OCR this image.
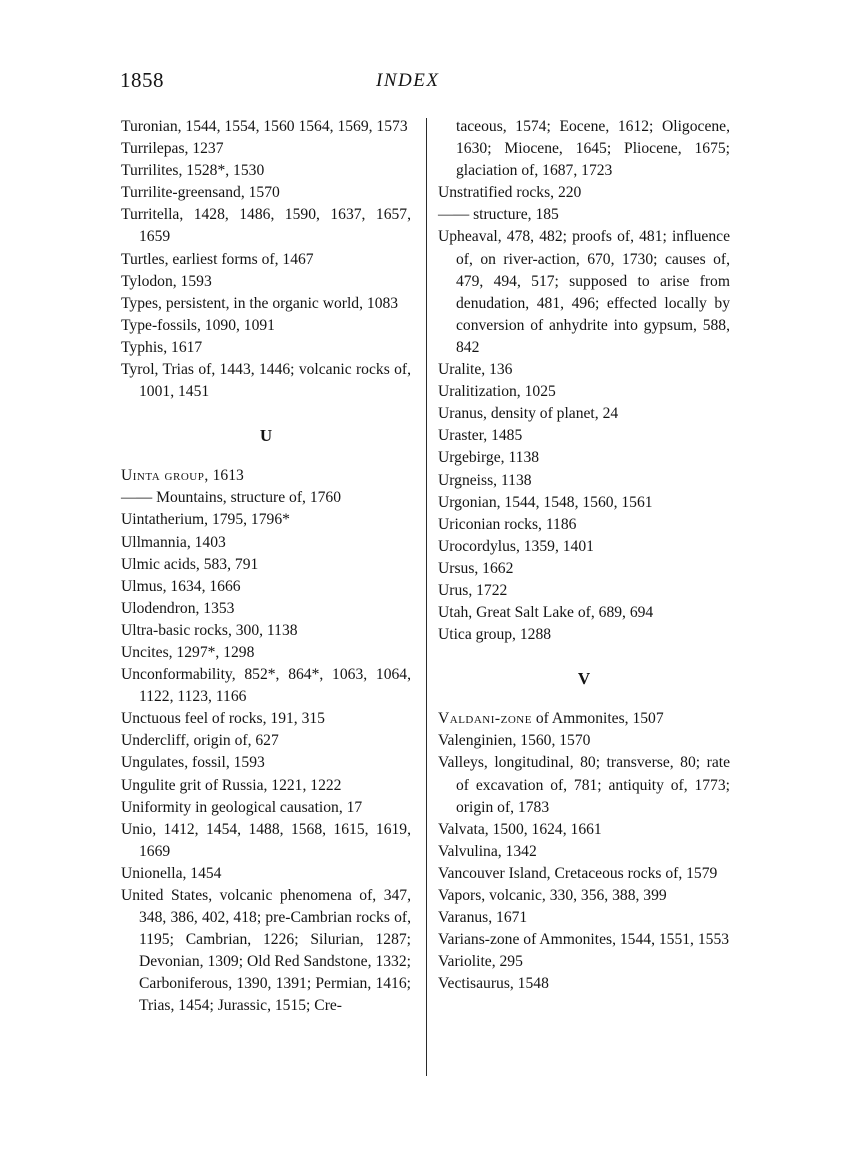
1858	INDEX

Turonian, 1544, 1554, 1560 1564, 1569, 1573

Turrilepas, 1237

Turrilites, 1528*, 1530

Turrilite-greensand, 1570

Turritella, 1428, 1486, 1590, 1637, 1657, 1659

Turtles, earliest forms of, 1467

Tylodon, 1593

Types, persistent, in the organic world, 1083

Type-fossils, 1090, 1091

Typhis, 1617

Tyrol, Trias of, 1443, 1446; volcanic rocks of, 1001, 1451

U

Uinta group, 1613

—— Mountains, structure of, 1760

Uintatherium, 1795, 1796*

Ullmannia, 1403

Ulmic acids, 583, 791

Ulmus, 1634, 1666

Ulodendron, 1353

Ultra-basic rocks, 300, 1138

Uncites, 1297*, 1298

Unconformability, 852*, 864*, 1063, 1064, 1122, 1123, 1166

Unctuous feel of rocks, 191, 315

Undercliff, origin of, 627

Ungulates, fossil, 1593

Ungulite grit of Russia, 1221, 1222

Uniformity in geological causation, 17

Unio, 1412, 1454, 1488, 1568, 1615, 1619, 1669

Unionella, 1454

United States, volcanic phenomena of, 347, 348, 386, 402, 418; pre-Cambrian rocks of, 1195; Cambrian, 1226; Silurian, 1287; Devonian, 1309; Old Red Sandstone, 1332; Carboniferous, 1390, 1391; Permian, 1416; Trias, 1454; Jurassic, 1515; Cre-

taceous, 1574; Eocene, 1612; Oligocene, 1630; Miocene, 1645; Pliocene, 1675; glaciation of, 1687, 1723

Unstratified rocks, 220

—— structure, 185

Upheaval, 478, 482; proofs of, 481; influence of, on river-action, 670, 1730; causes of, 479, 494, 517; supposed to arise from denudation, 481, 496; effected locally by conversion of anhydrite into gypsum, 588, 842

Uralite, 136

Uralitization, 1025

Uranus, density of planet, 24

Uraster, 1485

Urgebirge, 1138

Urgneiss, 1138

Urgonian, 1544, 1548, 1560, 1561

Uriconian rocks, 1186

Urocordylus, 1359, 1401

Ursus, 1662

Urus, 1722

Utah, Great Salt Lake of, 689, 694

Utica group, 1288

V

Valdani-zone of Ammonites, 1507

Valenginien, 1560, 1570

Valleys, longitudinal, 80; transverse, 80; rate of excavation of, 781; antiquity of, 1773; origin of, 1783

Valvata, 1500, 1624, 1661

Valvulina, 1342

Vancouver Island, Cretaceous rocks of, 1579

Vapors, volcanic, 330, 356, 388, 399

Varanus, 1671

Varians-zone of Ammonites, 1544, 1551, 1553

Variolite, 295

Vectisaurus, 1548
